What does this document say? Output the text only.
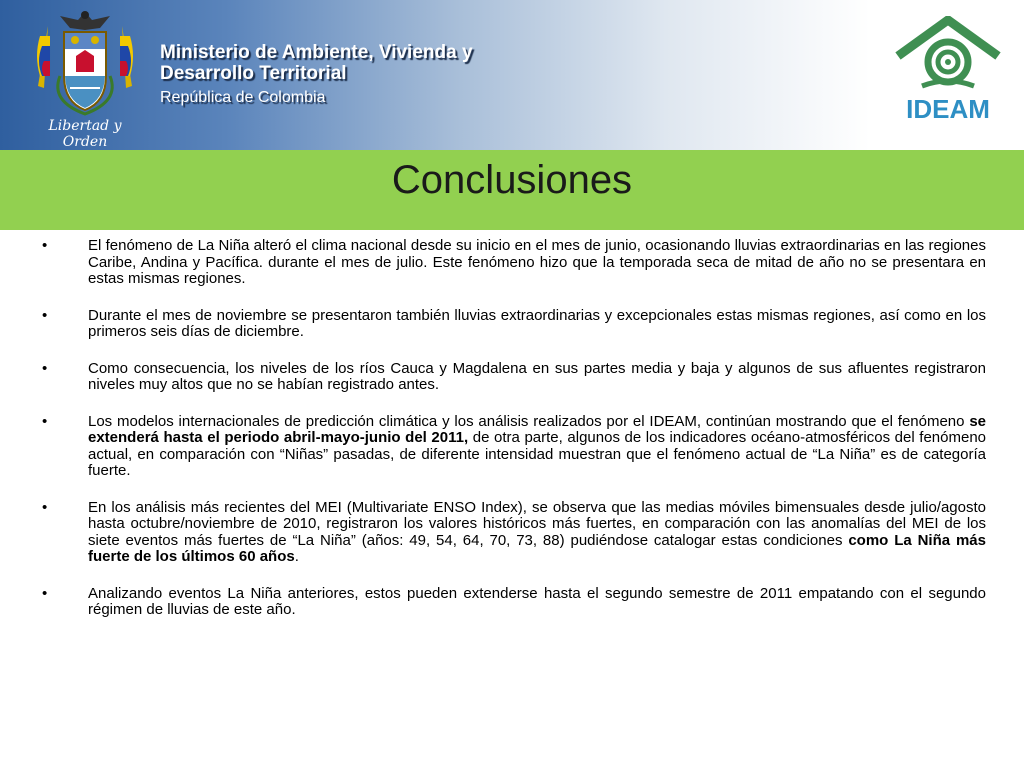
Libertad y Orden
Ministerio de Ambiente, Vivienda y
Desarrollo Territorial
República de Colombia	IDEAM
Conclusiones
•	El fenómeno de La Niña alteró el clima nacional desde su inicio en el mes de junio, ocasionando lluvias extraordinarias en las regiones Caribe, Andina y Pacífica. durante el mes de julio. Este fenómeno hizo que la temporada seca de mitad de año no se presentara en estas mismas regiones.
•	Durante el mes de noviembre se presentaron también lluvias extraordinarias y excepcionales estas mismas regiones, así como en los primeros seis días de diciembre.
•	Como consecuencia, los niveles de los ríos Cauca y Magdalena en sus partes media y baja y algunos de sus afluentes registraron niveles muy altos que no se habían registrado antes.
•	Los modelos internacionales de predicción climática y los análisis realizados por el IDEAM, continúan mostrando que el fenómeno se extenderá hasta el periodo abril-mayo-junio del 2011, de otra parte, algunos de los indicadores océano-atmosféricos del fenómeno actual, en comparación con “Niñas” pasadas, de diferente intensidad muestran que el fenómeno actual de “La Niña” es de categoría fuerte.
•	En los análisis más recientes del MEI (Multivariate ENSO Index), se observa que las medias móviles bimensuales desde julio/agosto hasta octubre/noviembre de 2010, registraron los valores históricos más fuertes, en comparación con las anomalías del MEI de los siete eventos más fuertes de “La Niña” (años: 49, 54, 64, 70, 73, 88) pudiéndose catalogar estas condiciones como La Niña más fuerte de los últimos 60 años.
•	Analizando eventos La Niña anteriores, estos pueden extenderse hasta el segundo semestre de 2011 empatando con el segundo régimen de lluvias de este año.
